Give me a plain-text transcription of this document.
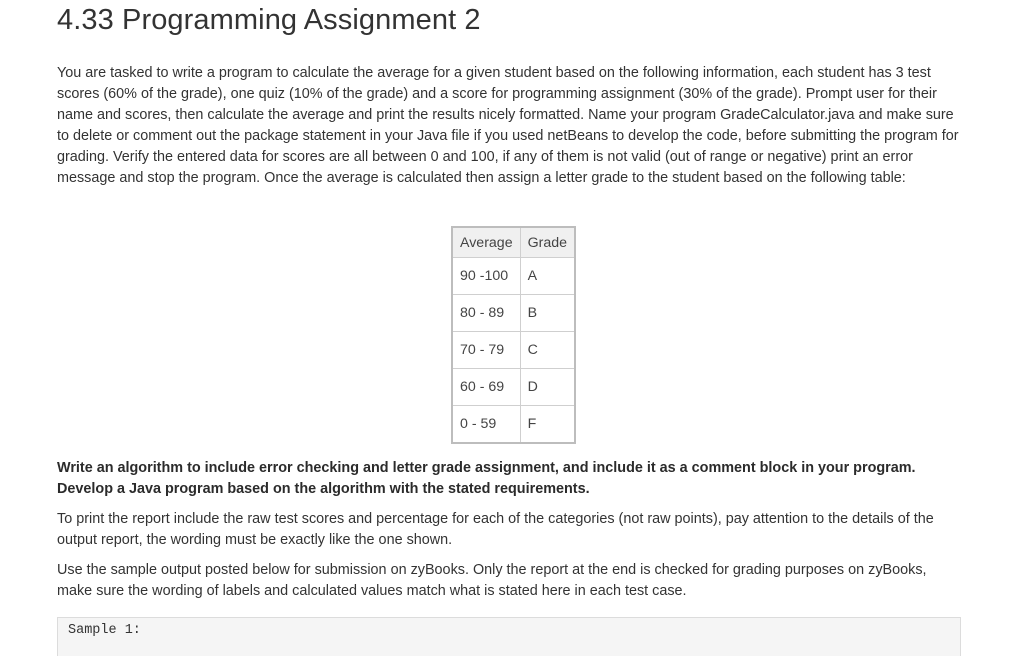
4.33 Programming Assignment 2

You are tasked to write a program to calculate the average for a given student based on the following information, each student has 3 test scores (60% of the grade), one quiz (10% of the grade) and a score for programming assignment (30% of the grade). Prompt user for their name and scores, then calculate the average and print the results nicely formatted. Name your program GradeCalculator.java and make sure to delete or comment out the package statement in your Java file if you used netBeans to develop the code, before submitting the program for grading. Verify the entered data for scores are all between 0 and 100, if any of them is not valid (out of range or negative) print an error message and stop the program. Once the average is calculated then assign a letter grade to the student based on the following table:

Average	Grade
90 -100	A
80 - 89	B
70 - 79	C
60 - 69	D
0 - 59	F

Write an algorithm to include error checking and letter grade assignment, and include it as a comment block in your program. Develop a Java program based on the algorithm with the stated requirements.

To print the report include the raw test scores and percentage for each of the categories (not raw points), pay attention to the details of the output report, the wording must be exactly like the one shown.

Use the sample output posted below for submission on zyBooks. Only the report at the end is checked for grading purposes on zyBooks, make sure the wording of labels and calculated values match what is stated here in each test case.

Sample 1:
